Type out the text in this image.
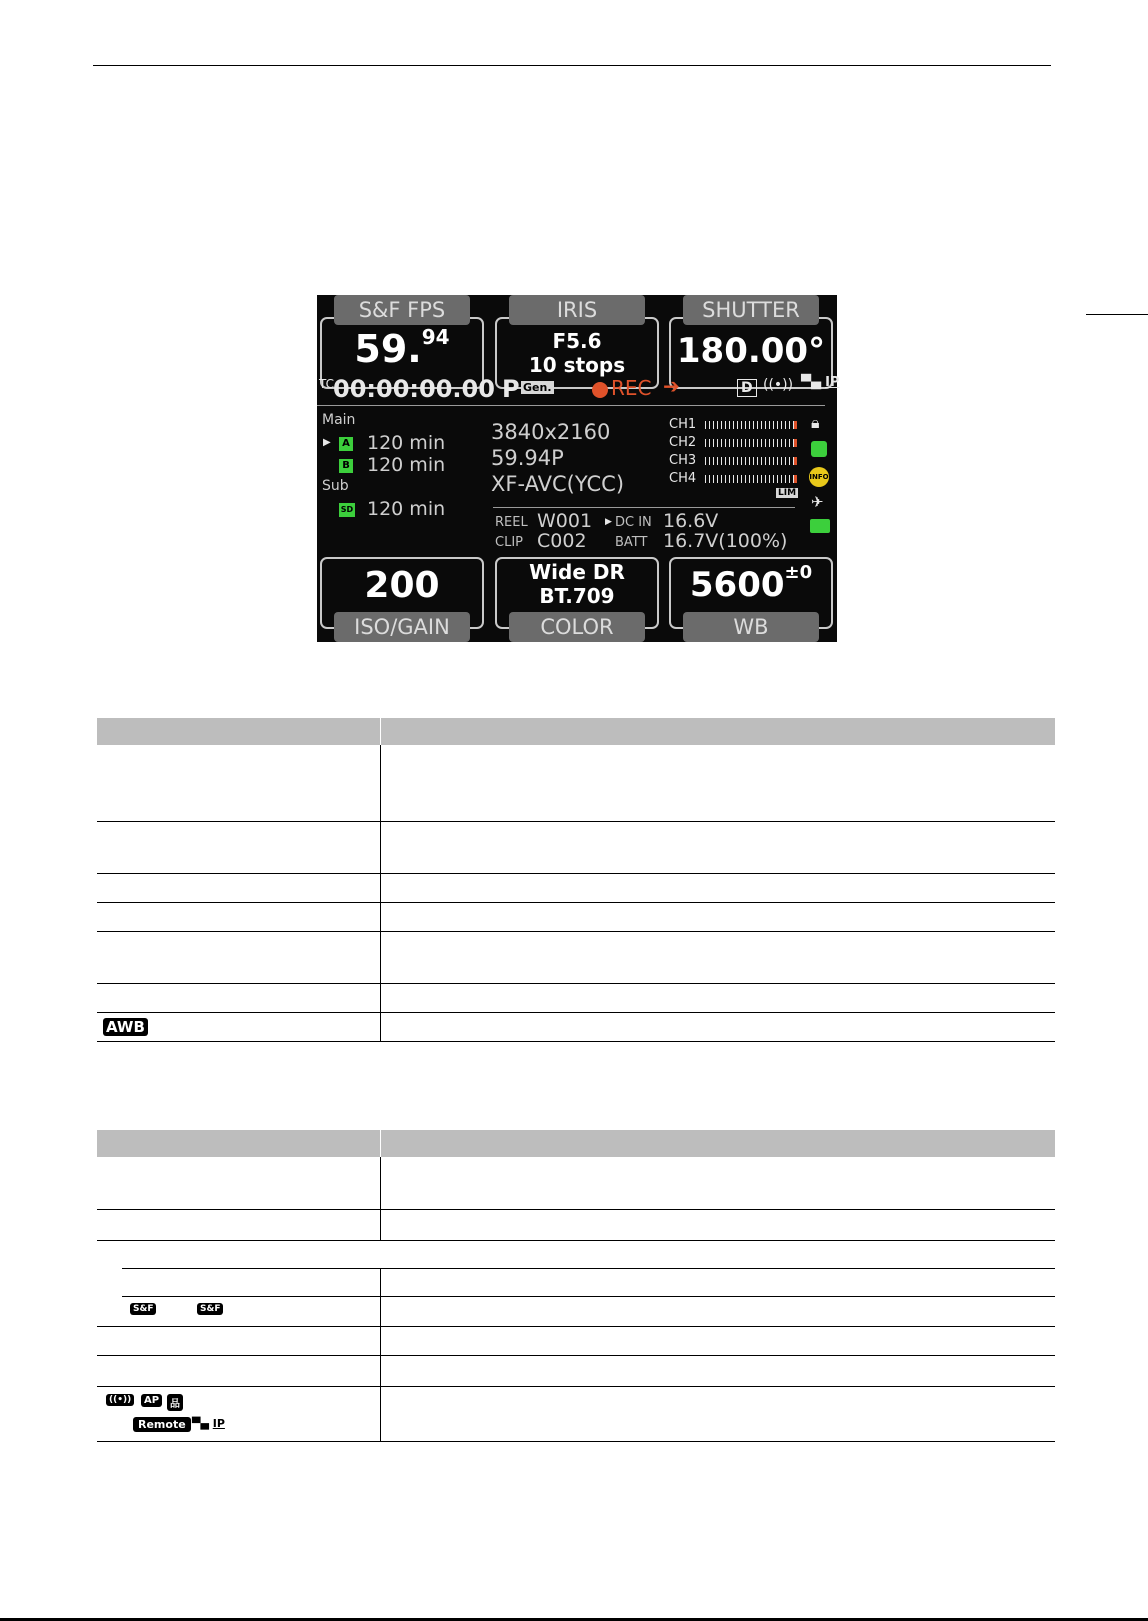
59.94
S&F FPS
F5.6
10 stops
IRIS
180.00°
SHUTTER
TC
00:00:00.00 P Gen.	REC ➔	D ((•)) ▀▄ IP
Main
▶	A 120 min
B 120 min
Sub
SD 120 min
3840x2160
59.94P
XF-AVC(YCC)
CH1
CH2
CH3
CH4
LIM
🔒︎
INFO
✈︎
REEL W001
CLIP C002
▶ DC IN 16.6V
BATT 16.7V(100%)
200
ISO/GAIN
Wide DR
BT.709
COLOR
$5600^{\pm 0}$
WB
AWB
S&F	S&F
((•))	AP	品
Remote ▀▄ IP
